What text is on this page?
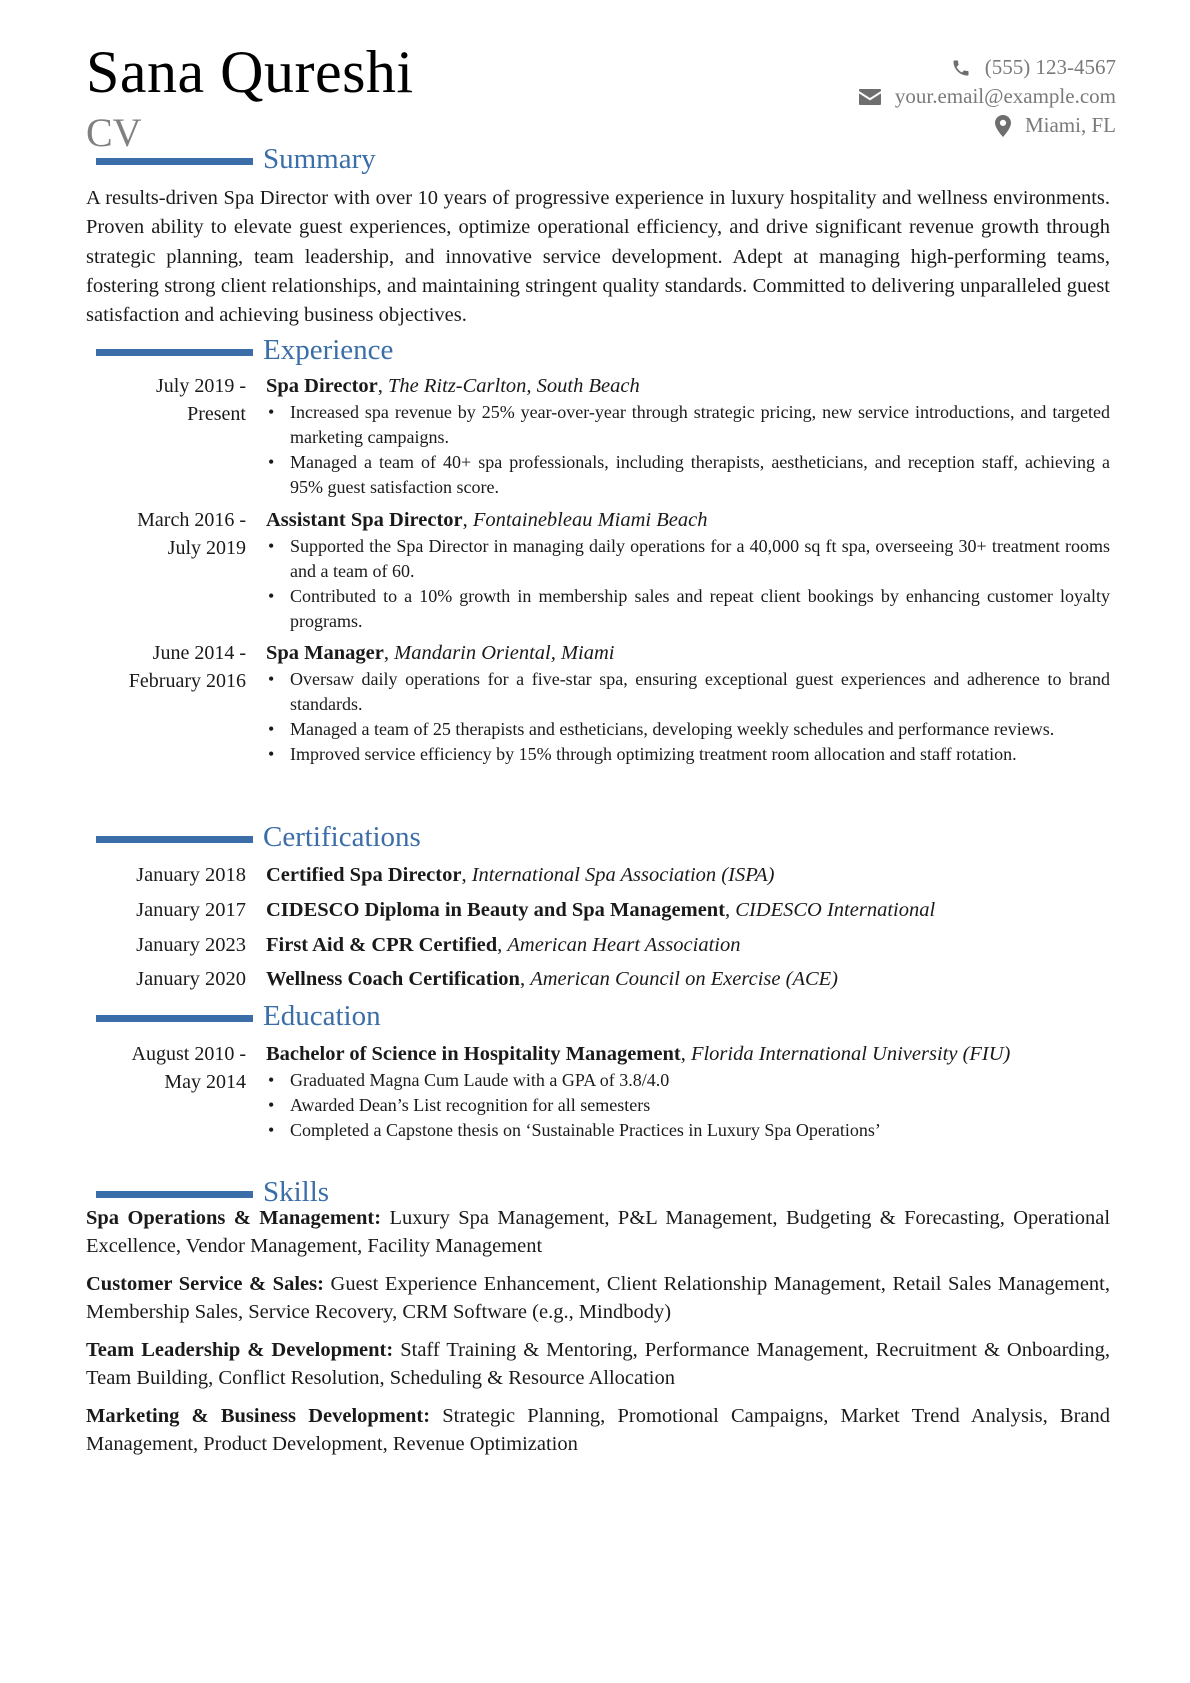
Sana Qureshi
CV
(555) 123-4567
your.email@example.com
Miami, FL
Summary
A results-driven Spa Director with over 10 years of progressive experience in luxury hospitality and wellness environments. Proven ability to elevate guest experiences, optimize operational efficiency, and drive significant revenue growth through strategic planning, team leadership, and innovative service development. Adept at managing high-performing teams, fostering strong client relationships, and maintaining stringent quality standards. Committed to delivering unparalleled guest satisfaction and achieving business objectives.
Experience
July 2019 -
Present
Spa Director, The Ritz-Carlton, South Beach
• Increased spa revenue by 25% year-over-year through strategic pricing, new service introductions, and targeted marketing campaigns.
• Managed a team of 40+ spa professionals, including therapists, aestheticians, and reception staff, achieving a 95% guest satisfaction score.
March 2016 -
July 2019
Assistant Spa Director, Fontainebleau Miami Beach
• Supported the Spa Director in managing daily operations for a 40,000 sq ft spa, overseeing 30+ treatment rooms and a team of 60.
• Contributed to a 10% growth in membership sales and repeat client bookings by enhancing customer loyalty programs.
June 2014 -
February 2016
Spa Manager, Mandarin Oriental, Miami
• Oversaw daily operations for a five-star spa, ensuring exceptional guest experiences and adherence to brand standards.
• Managed a team of 25 therapists and estheticians, developing weekly schedules and performance reviews.
• Improved service efficiency by 15% through optimizing treatment room allocation and staff rotation.
Certifications
January 2018 Certified Spa Director, International Spa Association (ISPA)
January 2017 CIDESCO Diploma in Beauty and Spa Management, CIDESCO International
January 2023 First Aid & CPR Certified, American Heart Association
January 2020 Wellness Coach Certification, American Council on Exercise (ACE)
Education
August 2010 -
May 2014
Bachelor of Science in Hospitality Management, Florida International University (FIU)
• Graduated Magna Cum Laude with a GPA of 3.8/4.0
• Awarded Dean’s List recognition for all semesters
• Completed a Capstone thesis on ‘Sustainable Practices in Luxury Spa Operations’
Skills
Spa Operations & Management: Luxury Spa Management, P&L Management, Budgeting & Forecasting, Operational Excellence, Vendor Management, Facility Management
Customer Service & Sales: Guest Experience Enhancement, Client Relationship Management, Retail Sales Management, Membership Sales, Service Recovery, CRM Software (e.g., Mindbody)
Team Leadership & Development: Staff Training & Mentoring, Performance Management, Recruitment & Onboarding, Team Building, Conflict Resolution, Scheduling & Resource Allocation
Marketing & Business Development: Strategic Planning, Promotional Campaigns, Market Trend Analysis, Brand Management, Product Development, Revenue Optimization
